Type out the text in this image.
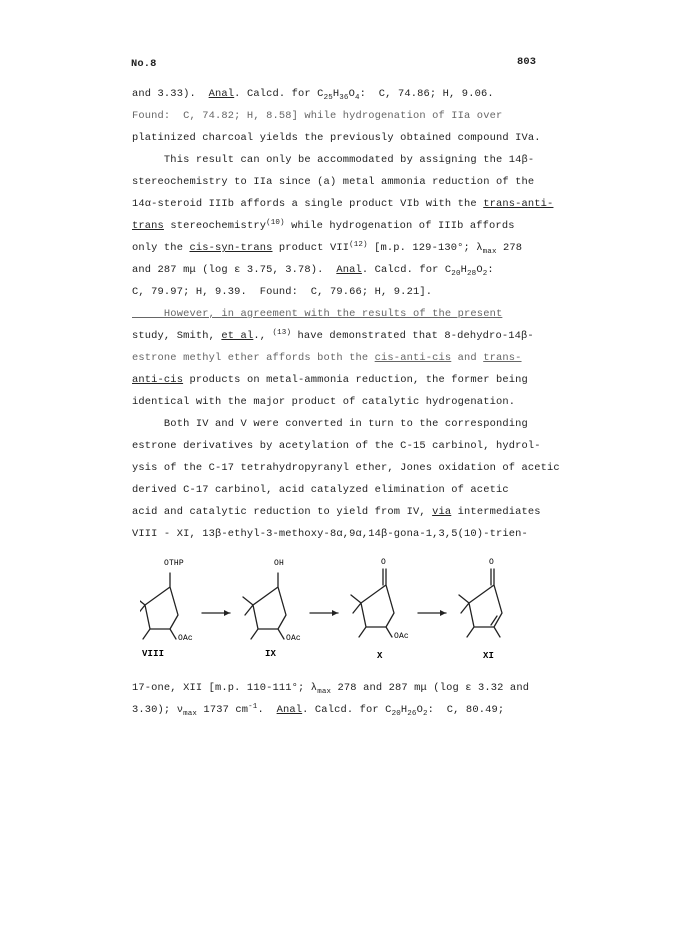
No.8	803
and 3.33).  Anal. Calcd. for $C_{25}H_{36}O_4$:  C, 74.86; H, 9.06.
Found:  C, 74.82; H, 8.58] while hydrogenation of IIa over
platinized charcoal yields the previously obtained compound IVa.
This result can only be accommodated by assigning the 14β-
stereochemistry to IIa since (a) metal ammonia reduction of the
14α-steroid IIIb affords a single product VIb with the trans-anti-
trans stereochemistry$^{(10)}$ while hydrogenation of IIIb affords
only the cis-syn-trans product VII$^{(12)}$ [m.p. 129-130°; $\lambda_{max}$ 278
and 287 mμ (log ε 3.75, 3.78).  Anal. Calcd. for $C_{20}H_{28}O_2$:
C, 79.97; H, 9.39.  Found:  C, 79.66; H, 9.21].
However, in agreement with the results of the present
study, Smith, et al., $^{(13)}$ have demonstrated that 8-dehydro-14β-
estrone methyl ether affords both the cis-anti-cis and trans-
anti-cis products on metal-ammonia reduction, the former being
identical with the major product of catalytic hydrogenation.
Both IV and V were converted in turn to the corresponding
estrone derivatives by acetylation of the C-15 carbinol, hydrol-
ysis of the C-17 tetrahydropyranyl ether, Jones oxidation of acetic
derived C-17 carbinol, acid catalyzed elimination of acetic
acid and catalytic reduction to yield from IV, via intermediates
VIII - XI, 13β-ethyl-3-methoxy-8α,9α,14β-gona-1,3,5(10)-trien-
OTHP	OH	O	O
OAc	OAc	OAc
VIII	IX	X	XI
17-one, XII [m.p. 110-111°; $\lambda_{max}$ 278 and 287 mμ (log ε 3.32 and
3.30); $\nu_{max}$ 1737 $cm^{-1}$.  Anal. Calcd. for $C_{20}H_{26}O_2$:  C, 80.49;
